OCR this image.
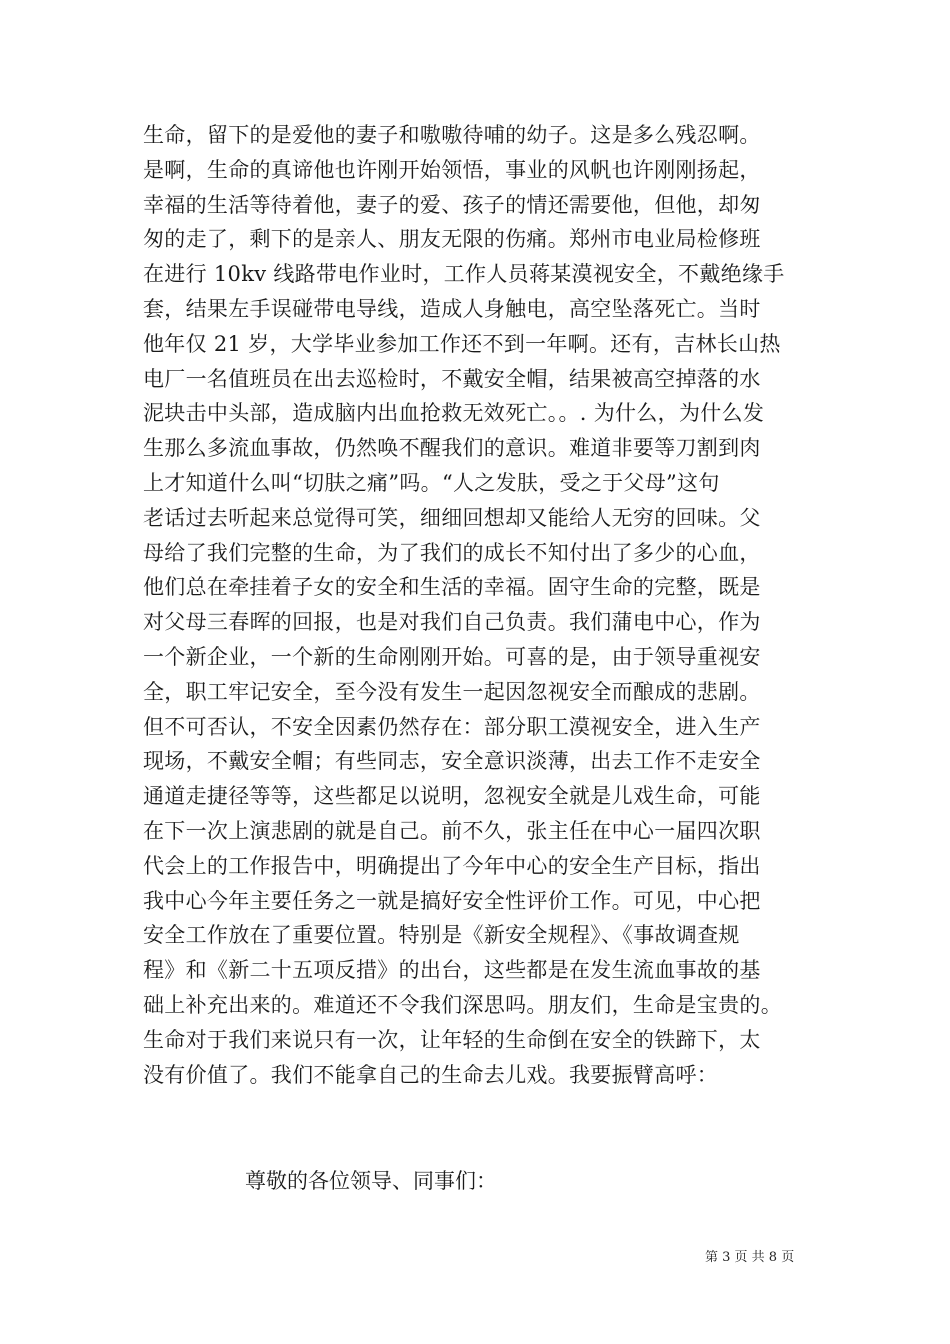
生命，留下的是爱他的妻子和嗷嗷待哺的幼子。这是多么残忍啊。
是啊，生命的真谛他也许刚开始领悟，事业的风帆也许刚刚扬起，
幸福的生活等待着他，妻子的爱、孩子的情还需要他，但他，却匆
匆的走了，剩下的是亲人、朋友无限的伤痛。郑州市电业局检修班
在进行 10kv 线路带电作业时，工作人员蒋某漠视安全，不戴绝缘手
套，结果左手误碰带电导线，造成人身触电，高空坠落死亡。当时
他年仅 21 岁，大学毕业参加工作还不到一年啊。还有，吉林长山热
电厂一名值班员在出去巡检时，不戴安全帽，结果被高空掉落的水
泥块击中头部，造成脑内出血抢救无效死亡。。. 为什么，为什么发
生那么多流血事故，仍然唤不醒我们的意识。难道非要等刀割到肉
上才知道什么叫“切肤之痛”吗。“人之发肤，受之于父母”这句
老话过去听起来总觉得可笑，细细回想却又能给人无穷的回味。父
母给了我们完整的生命，为了我们的成长不知付出了多少的心血，
他们总在牵挂着子女的安全和生活的幸福。固守生命的完整，既是
对父母三春晖的回报，也是对我们自己负责。我们蒲电中心，作为
一个新企业，一个新的生命刚刚开始。可喜的是，由于领导重视安
全，职工牢记安全，至今没有发生一起因忽视安全而酿成的悲剧。
但不可否认，不安全因素仍然存在：部分职工漠视安全，进入生产
现场，不戴安全帽；有些同志，安全意识淡薄，出去工作不走安全
通道走捷径等等，这些都足以说明，忽视安全就是儿戏生命，可能
在下一次上演悲剧的就是自己。前不久，张主任在中心一届四次职
代会上的工作报告中，明确提出了今年中心的安全生产目标，指出
我中心今年主要任务之一就是搞好安全性评价工作。可见，中心把
安全工作放在了重要位置。特别是《新安全规程》、《事故调查规
程》和《新二十五项反措》的出台，这些都是在发生流血事故的基
础上补充出来的。难道还不令我们深思吗。朋友们，生命是宝贵的。
生命对于我们来说只有一次，让年轻的生命倒在安全的铁蹄下，太
没有价值了。我们不能拿自己的生命去儿戏。我要振臂高呼：
尊敬的各位领导、同事们：
第 3 页 共 8 页
